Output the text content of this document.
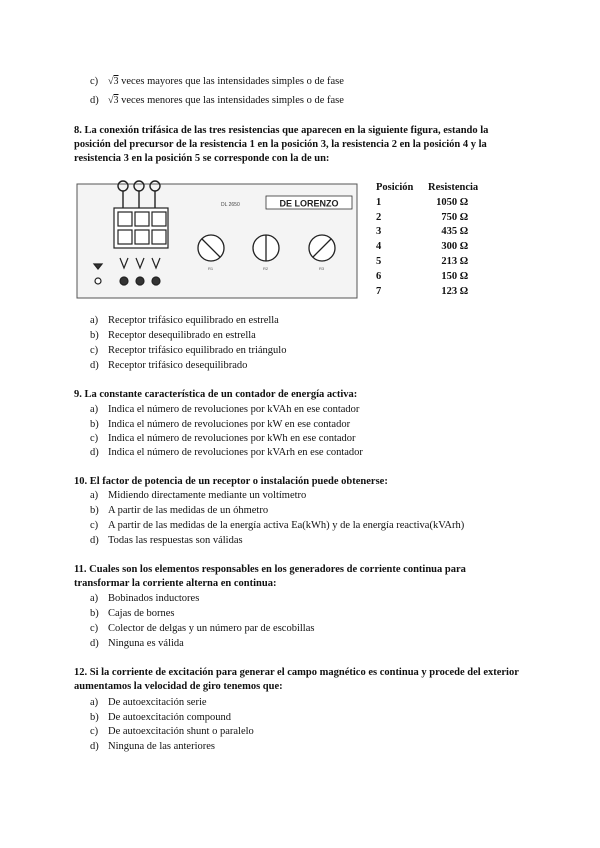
c) √3 veces mayores que las intensidades simples o de fase
d) √3 veces menores que las intensidades simples o de fase
8. La conexión trifásica de las tres resistencias que aparecen en la siguiente figura, estando la posición del precursor de la resistencia 1 en la posición 3, la resistencia 2 en la posición 4 y la resistencia 3 en la posición 5 se corresponde con la de un:
DL 2650	DE LORENZO
R1	R2	R3
Posición	Resistencia
1	1050 Ω
2	750 Ω
3	435 Ω
4	300 Ω
5	213 Ω
6	150 Ω
7	123 Ω
a) Receptor trifásico equilibrado en estrella
b) Receptor desequilibrado en estrella
c) Receptor trifásico equilibrado en triángulo
d) Receptor trifásico desequilibrado
9. La constante característica de un contador de energía activa:
a) Indica el número de revoluciones por kVAh en ese contador
b) Indica el número de revoluciones por kW en ese contador
c) Indica el número de revoluciones por kWh en ese contador
d) Indica el número de revoluciones por kVArh en ese contador
10. El factor de potencia de un receptor o instalación puede obtenerse:
a) Midiendo directamente mediante un voltímetro
b) A partir de las medidas de un óhmetro
c) A partir de las medidas de la energía activa Ea(kWh) y de la energía reactiva(kVArh)
d) Todas las respuestas son válidas
11. Cuales son los elementos responsables en los generadores de corriente continua para transformar la corriente alterna en continua:
a) Bobinados inductores
b) Cajas de bornes
c) Colector de delgas y un número par de escobillas
d) Ninguna es válida
12. Si la corriente de excitación para generar el campo magnético es continua y procede del exterior aumentamos la velocidad de giro tenemos que:
a) De autoexcitación serie
b) De autoexcitación compound
c) De autoexcitación shunt o paralelo
d) Ninguna de las anteriores
